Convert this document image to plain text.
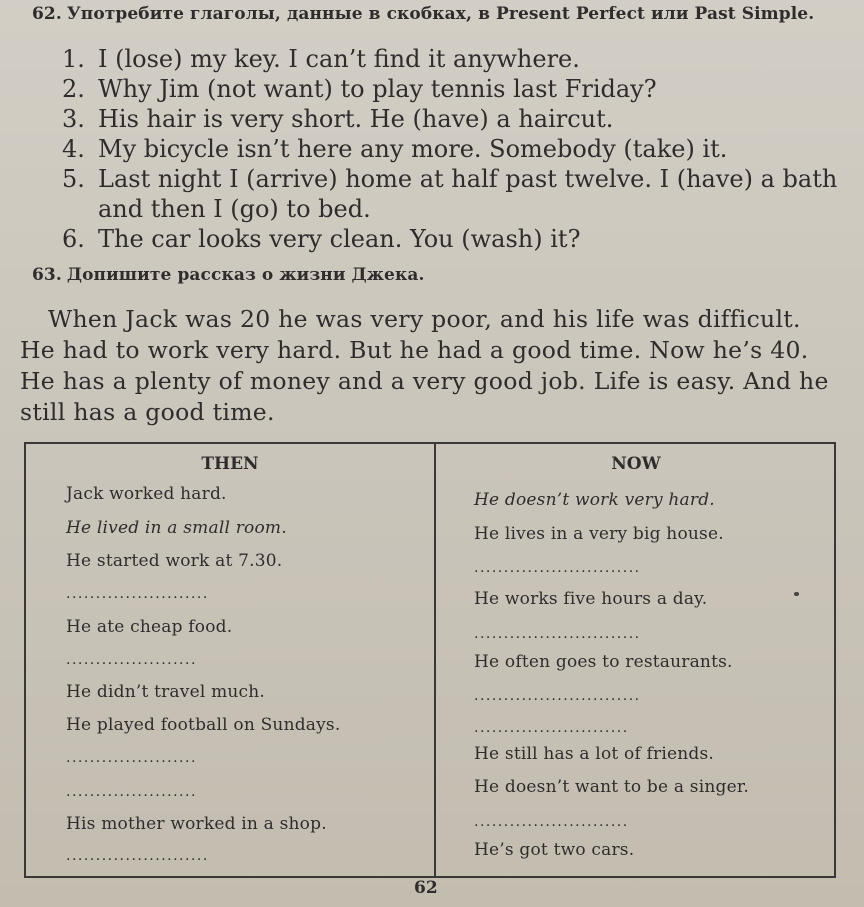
62. Употребите глаголы, данные в скобках, в Present Perfect или Past Simple.
1. I (lose) my key. I can’t find it anywhere.
2. Why Jim (not want) to play tennis last Friday?
3. His hair is very short. He (have) a haircut.
4. My bicycle isn’t here any more. Somebody (take) it.
5. Last night I (arrive) home at half past twelve. I (have) a bath
and then I (go) to bed.
6. The car looks very clean. You (wash) it?
63. Допишите рассказ о жизни Джека.
When Jack was 20 he was very poor, and his life was difficult.
He had to work very hard. But he had a good time. Now he’s 40.
He has a plenty of money and a very good job. Life is easy. And he
still has a good time.
THEN
Jack worked hard.
He lived in a small room.
He started work at 7.30.
........................
He ate cheap food.
......................
He didn’t travel much.
He played football on Sundays.
......................
......................
His mother worked in a shop.
........................
NOW
He doesn’t work very hard.
He lives in a very big house.
............................
He works five hours a day.
............................
He often goes to restaurants.
............................
..........................
He still has a lot of friends.
He doesn’t want to be a singer.
..........................
He’s got two cars.
62
